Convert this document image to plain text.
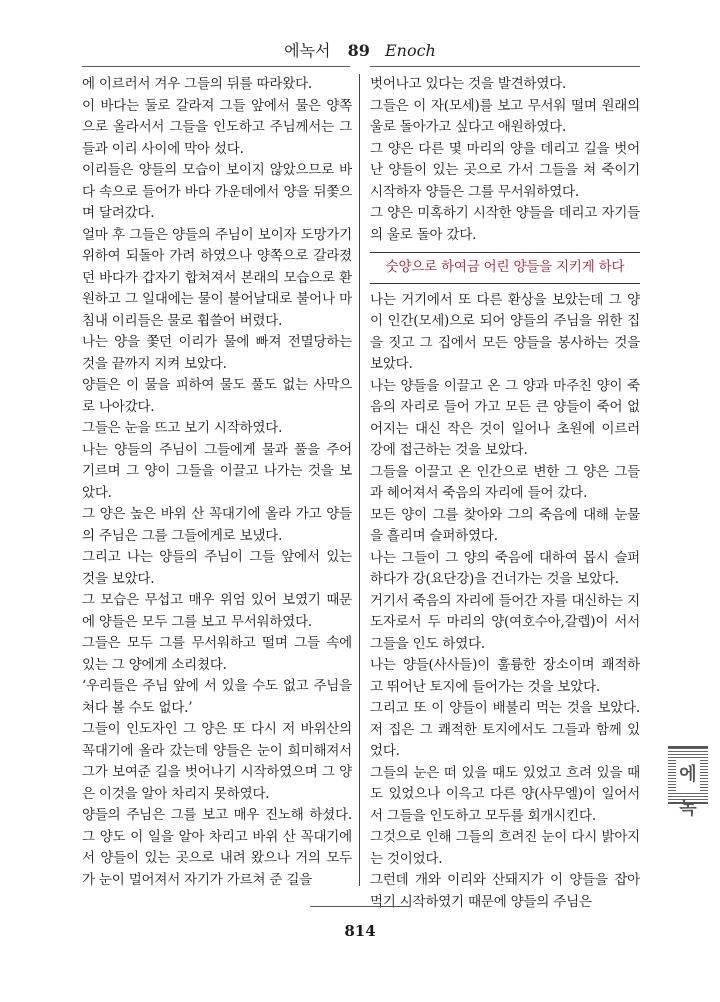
에녹서 89 Enoch

에 이르러서 겨우 그들의 뒤를 따라왔다.

이 바다는 둘로 갈라져 그들 앞에서 물은 양쪽으로 올라서서 그들을 인도하고 주님께서는 그들과 이리 사이에 막아 섰다.

이리들은 양들의 모습이 보이지 않았으므로 바다 속으로 들어가 바다 가운데에서 양을 뒤쫓으며 달려갔다.

얼마 후 그들은 양들의 주님이 보이자 도망가기 위하여 되돌아 가려 하였으나 양쪽으로 갈라졌던 바다가 갑자기 합쳐져서 본래의 모습으로 환원하고 그 일대에는 물이 불어날대로 불어나 마침내 이리들은 물로 휩쓸어 버렸다.

나는 양을 쫓던 이리가 물에 빠져 전멸당하는 것을 끝까지 지켜 보았다.

양들은 이 물을 피하여 물도 풀도 없는 사막으로 나아갔다.

그들은 눈을 뜨고 보기 시작하였다.

나는 양들의 주님이 그들에게 물과 풀을 주어 기르며 그 양이 그들을 이끌고 나가는 것을 보았다.

그 양은 높은 바위 산 꼭대기에 올라 가고 양들의 주님은 그를 그들에게로 보냈다.

그리고 나는 양들의 주님이 그들 앞에서 있는 것을 보았다.

그 모습은 무섭고 매우 위엄 있어 보였기 때문에 양들은 모두 그를 보고 무서워하였다.

그들은 모두 그를 무서워하고 떨며 그들 속에 있는 그 양에게 소리쳤다.

‘우리들은 주님 앞에 서 있을 수도 없고 주님을 쳐다 볼 수도 없다.’

그들이 인도자인 그 양은 또 다시 저 바위산의 꼭대기에 올라 갔는데 양들은 눈이 희미해져서 그가 보여준 길을 벗어나기 시작하였으며 그 양은 이것을 알아 차리지 못하였다.

양들의 주님은 그를 보고 매우 진노해 하셨다. 그 양도 이 일을 알아 차리고 바위 산 꼭대기에서 양들이 있는 곳으로 내려 왔으나 거의 모두가 눈이 멀어져서 자기가 가르쳐 준 길을

벗어나고 있다는 것을 발견하였다.

그들은 이 자(모세)를 보고 무서워 떨며 원래의 울로 돌아가고 싶다고 애원하였다.

그 양은 다른 몇 마리의 양을 데리고 길을 벗어난 양들이 있는 곳으로 가서 그들을 쳐 죽이기 시작하자 양들은 그를 무서워하였다.

그 양은 미혹하기 시작한 양들을 데리고 자기들의 울로 돌아 갔다.

숫양으로 하여금 어린 양들을 지키게 하다

나는 거기에서 또 다른 환상을 보았는데 그 양이 인간(모세)으로 되어 양들의 주님을 위한 집을 짓고 그 집에서 모든 양들을 봉사하는 것을 보았다.

나는 양들을 이끌고 온 그 양과 마주친 양이 죽음의 자리로 들어 가고 모든 큰 양들이 죽어 없어지는 대신 작은 것이 일어나 초원에 이르러 강에 접근하는 것을 보았다.

그들을 이끌고 온 인간으로 변한 그 양은 그들과 헤어져서 죽음의 자리에 들어 갔다.

모든 양이 그를 찾아와 그의 죽음에 대해 눈물을 흘리며 슬퍼하였다.

나는 그들이 그 양의 죽음에 대하여 몹시 슬퍼하다가 강(요단강)을 건너가는 것을 보았다.

거기서 죽음의 자리에 들어간 자를 대신하는 지도자로서 두 마리의 양(여호수아,갈렙)이 서서 그들을 인도 하였다.

나는 양들(사사들)이 훌륭한 장소이며 쾌적하고 뛰어난 토지에 들어가는 것을 보았다.

그리고 또 이 양들이 배불리 먹는 것을 보았다. 저 집은 그 쾌적한 토지에서도 그들과 함께 있었다.

그들의 눈은 떠 있을 때도 있었고 흐려 있을 때도 있었으나 이윽고 다른 양(사무엘)이 일어서서 그들을 인도하고 모두를 회개시킨다.

그것으로 인해 그들의 흐려진 눈이 다시 밝아지는 것이었다.

그런데 개와 이리와 산돼지가 이 양들을 잡아 먹기 시작하였기 때문에 양들의 주님은

에녹
814
